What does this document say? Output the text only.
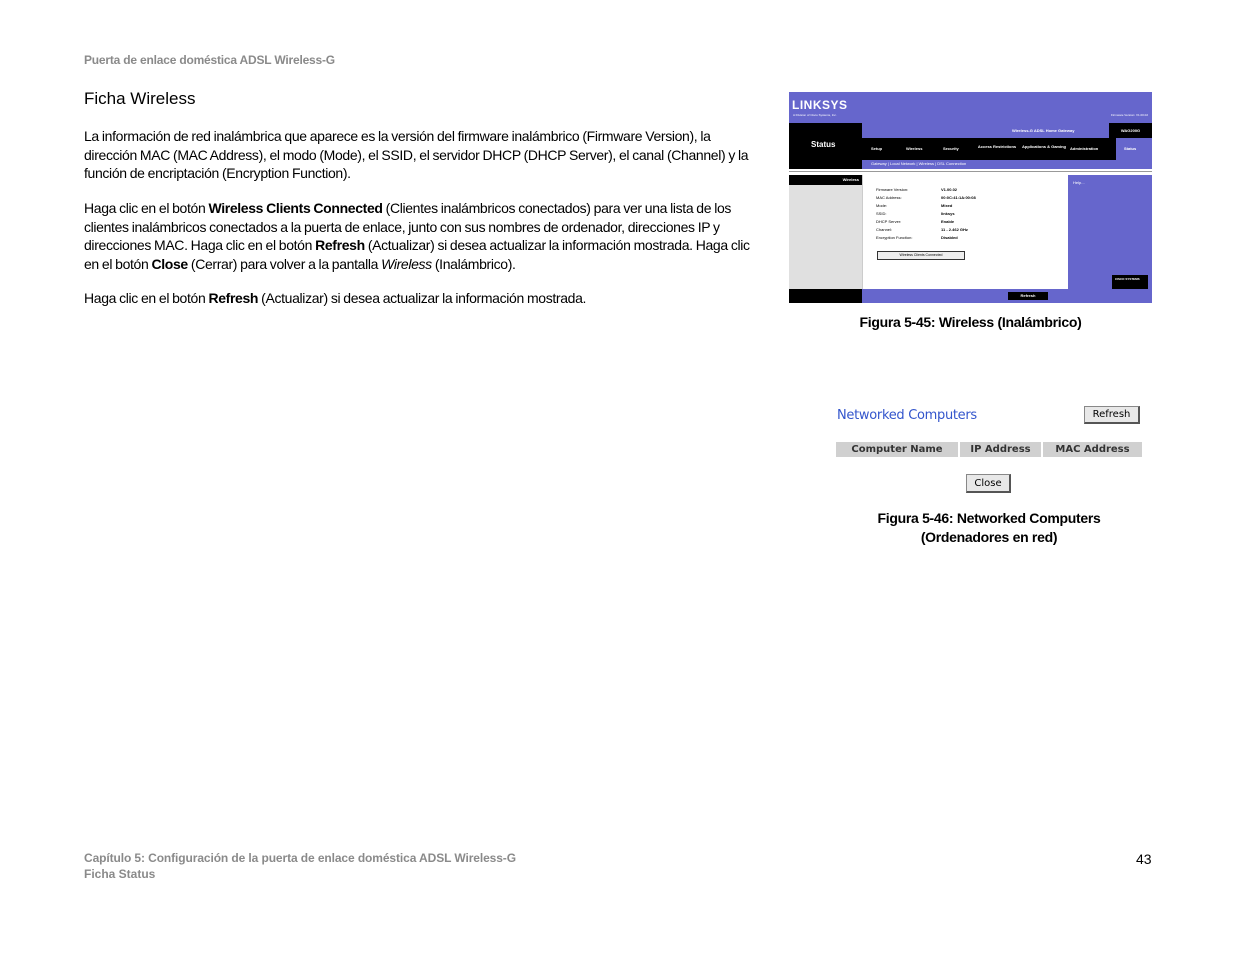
Puerta de enlace doméstica ADSL Wireless-G
Ficha Wireless
La información de red inalámbrica que aparece es la versión del firmware inalámbrico (Firmware Version), la dirección MAC (MAC Address), el modo (Mode), el SSID, el servidor DHCP (DHCP Server), el canal (Channel) y la función de encriptación (Encryption Function).
Haga clic en el botón Wireless Clients Connected (Clientes inalámbricos conectados) para ver una lista de los clientes inalámbricos conectados a la puerta de enlace, junto con sus nombres de ordenador, direcciones IP y direcciones MAC. Haga clic en el botón Refresh (Actualizar) si desea actualizar la información mostrada. Haga clic en el botón Close (Cerrar) para volver a la pantalla Wireless (Inalámbrico).
Haga clic en el botón Refresh (Actualizar) si desea actualizar la información mostrada.
LINKSYS
A Division of Cisco Systems, Inc.	Firmware Version: V1.00.02
Status
Wireless-G ADSL Home Gateway	WAG200G
Setup	Wireless	Security	Access Restrictions	Applications & Gaming Administration	Status
Gateway | Local Network | Wireless | DSL Connection
Wireless
Firmware Version:	V1.00.02
MAC Address:	00:0C:41:1A:00:08
Mode:	Mixed
SSID:	linksys
DHCP Server:	Enable
Channel:	11 - 2.462 GHz
Encryption Function:	Disabled
Wireless Clients Connected
Help...
CISCO SYSTEMS
Refresh
Figura 5-45: Wireless (Inalámbrico)
Networked Computers	Refresh
Computer Name	IP Address	MAC Address
Close
Figura 5-46: Networked Computers
(Ordenadores en red)
Capítulo 5: Configuración de la puerta de enlace doméstica ADSL Wireless-G
Ficha Status
43
